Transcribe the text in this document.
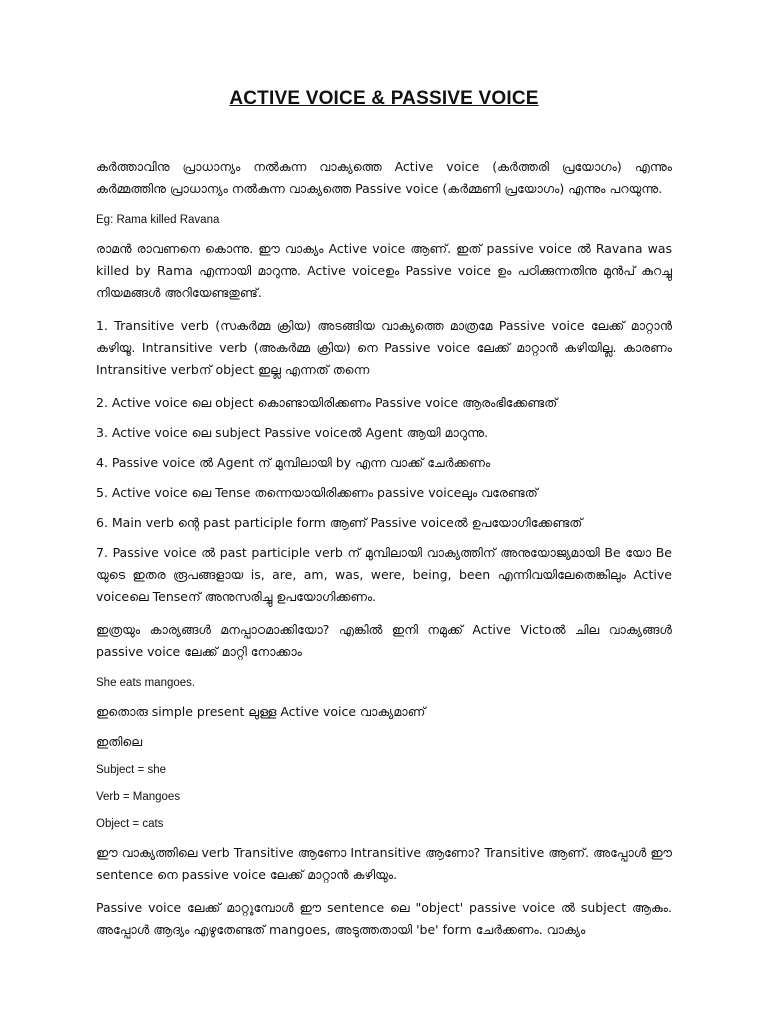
ACTIVE VOICE & PASSIVE VOICE

കർത്താവിനു പ്രാധാന്യം നൽകുന്ന വാക്യത്തെ Active voice (കർത്തരി പ്രയോഗം) എന്നും കർമ്മത്തിനു പ്രാധാന്യം നൽകുന്ന വാക്യത്തെ Passive voice (കർമ്മണി പ്രയോഗം) എന്നും പറയുന്നു.

Eg: Rama killed Ravana

രാമൻ രാവണനെ കൊന്നു. ഈ വാക്യം Active voice ആണ്. ഇത് passive voice ൽ Ravana was killed by Rama എന്നായി മാറുന്നു. Active voiceഉം Passive voice ഉം പഠിക്കുന്നതിനു മുൻപ് കുറച്ചു നിയമങ്ങൾ അറിയേണ്ടതുണ്ട്.

1. Transitive verb (സകർമ്മ ക്രിയ) അടങ്ങിയ വാക്യത്തെ മാത്രമേ Passive voice ലേക്ക് മാറ്റാൻ കഴിയൂ. Intransitive verb (അകർമ്മ ക്രിയ) നെ Passive voice ലേക്ക് മാറ്റാൻ കഴിയില്ല. കാരണം Intransitive verbന് object ഇല്ല എന്നത് തന്നെ

2. Active voice ലെ object കൊണ്ടായിരിക്കണം Passive voice ആരംഭിക്കേണ്ടത്

3. Active voice ലെ subject Passive voiceൽ Agent ആയി മാറുന്നു.

4. Passive voice ൽ Agent ന് മുമ്പിലായി by എന്ന വാക്ക് ചേർക്കണം

5. Active voice ലെ Tense തന്നെയായിരിക്കണം passive voiceലും വരേണ്ടത്

6. Main verb ന്റെ past participle form ആണ് Passive voiceൽ ഉപയോഗിക്കേണ്ടത്

7. Passive voice ൽ past participle verb ന് മുമ്പിലായി വാക്യത്തിന് അനുയോജ്യമായി Be യോ Be യുടെ ഇതര രൂപങ്ങളായ is, are, am, was, were, being, been എന്നിവയിലേതെങ്കിലും Active voiceലെ Tenseന് അനുസരിച്ചു ഉപയോഗിക്കണം.

ഇത്രയും കാര്യങ്ങൾ മനപ്പാഠമാക്കിയോ? എങ്കിൽ ഇനി നമുക്ക് Active Victoൽ ചില വാക്യങ്ങൾ passive voice ലേക്ക് മാറ്റി നോക്കാം

She eats mangoes.

ഇതൊരു simple present ലുള്ള Active voice വാക്യമാണ്

ഇതിലെ

Subject = she

Verb = Mangoes

Object = cats

ഈ വാക്യത്തിലെ verb Transitive ആണോ Intransitive ആണോ? Transitive ആണ്. അപ്പോൾ ഈ sentence നെ passive voice ലേക്ക് മാറ്റാൻ കഴിയും.

Passive voice ലേക്ക് മാറ്റുമ്പോൾ ഈ sentence ലെ "object' passive voice ൽ subject ആകും. അപ്പോൾ ആദ്യം എഴുതേണ്ടത് mangoes, അടുത്തതായി 'be' form ചേർക്കണം. വാക്യം
